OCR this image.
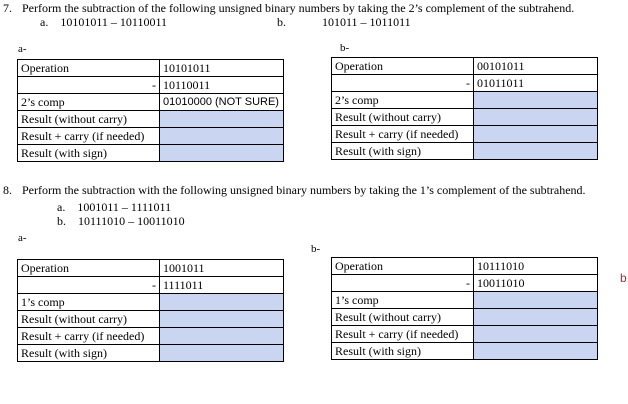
7. Perform the subtraction of the following unsigned binary numbers by taking the 2’s complement of the subtrahend.
a. 10101011 – 10110011	b.	101011 – 1011011
a-	b-
Operation		10101011
	-	10110011
2’s comp		01010000 (NOT SURE)
Result (without carry)		
Result + carry (if needed)		
Result (with sign)		
Operation		00101011
	-	01011011
2’s comp		
Result (without carry)		
Result + carry (if needed)		
Result (with sign)		
8. Perform the subtraction with the following unsigned binary numbers by taking the 1’s complement of the subtrahend.
a. 1001011 – 1111011
b. 10111010 – 10011010
a-
b-
Operation		1001011
	-	1111011
1’s comp		
Result (without carry)		
Result + carry (if needed)		
Result (with sign)		
Operation		10111010
	-	10011010
1’s comp		
Result (without carry)		
Result + carry (if needed)		
Result (with sign)		
b
